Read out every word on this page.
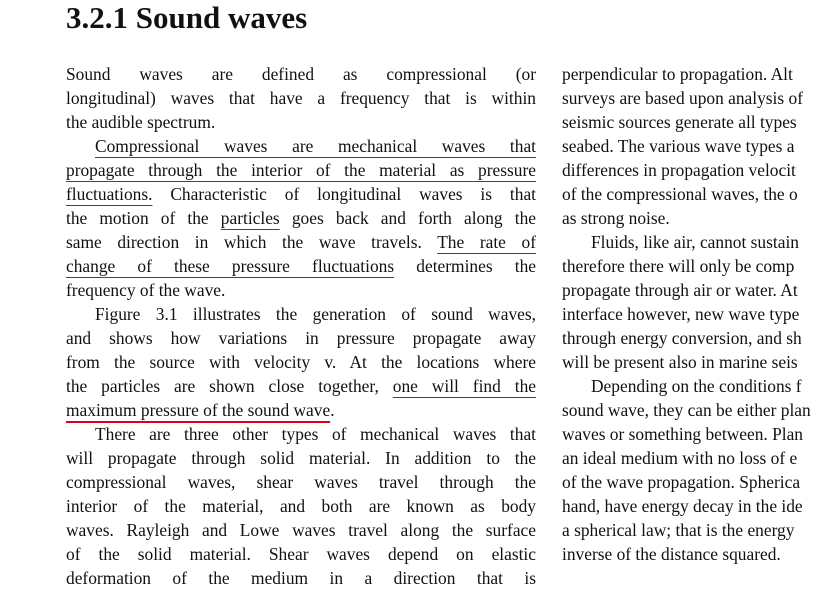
3.2.1 Sound waves
Sound waves are defined as compressional (or
longitudinal) waves that have a frequency that is within
the audible spectrum.
Compressional waves are mechanical waves that
propagate through the interior of the material as pressure
fluctuations. Characteristic of longitudinal waves is that
the motion of the particles goes back and forth along the
same direction in which the wave travels. The rate of
change of these pressure fluctuations determines the
frequency of the wave.
Figure 3.1 illustrates the generation of sound waves,
and shows how variations in pressure propagate away
from the source with velocity v. At the locations where
the particles are shown close together, one will find the
maximum pressure of the sound wave.
There are three other types of mechanical waves that
will propagate through solid material. In addition to the
compressional waves, shear waves travel through the
interior of the material, and both are known as body
waves. Rayleigh and Lowe waves travel along the surface
of the solid material. Shear waves depend on elastic
deformation of the medium in a direction that is
perpendicular to propagation. Alt
surveys are based upon analysis of
seismic sources generate all types
seabed. The various wave types a
differences in propagation velocit
of the compressional waves, the o
as strong noise.
Fluids, like air, cannot sustain
therefore there will only be comp
propagate through air or water. At
interface however, new wave type
through energy conversion, and sh
will be present also in marine seis
Depending on the conditions f
sound wave, they can be either plan
waves or something between. Plan
an ideal medium with no loss of e
of the wave propagation. Spherica
hand, have energy decay in the ide
a spherical law; that is the energy
inverse of the distance squared.
